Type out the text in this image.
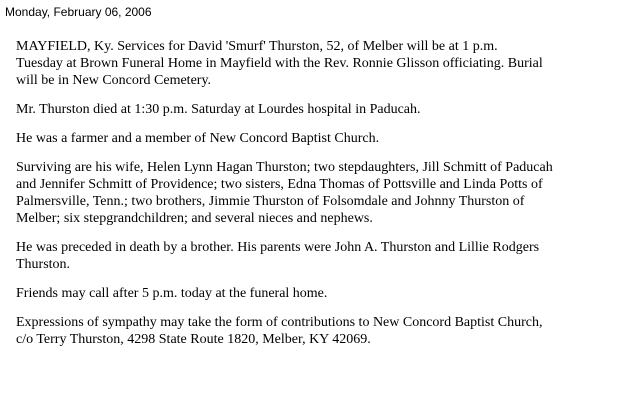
Monday, February 06, 2006

MAYFIELD, Ky. Services for David 'Smurf' Thurston, 52, of Melber will be at 1 p.m.
Tuesday at Brown Funeral Home in Mayfield with the Rev. Ronnie Glisson officiating. Burial
will be in New Concord Cemetery.

Mr. Thurston died at 1:30 p.m. Saturday at Lourdes hospital in Paducah.

He was a farmer and a member of New Concord Baptist Church.

Surviving are his wife, Helen Lynn Hagan Thurston; two stepdaughters, Jill Schmitt of Paducah
and Jennifer Schmitt of Providence; two sisters, Edna Thomas of Pottsville and Linda Potts of
Palmersville, Tenn.; two brothers, Jimmie Thurston of Folsomdale and Johnny Thurston of
Melber; six stepgrandchildren; and several nieces and nephews.

He was preceded in death by a brother. His parents were John A. Thurston and Lillie Rodgers
Thurston.

Friends may call after 5 p.m. today at the funeral home.

Expressions of sympathy may take the form of contributions to New Concord Baptist Church,
c/o Terry Thurston, 4298 State Route 1820, Melber, KY 42069.
